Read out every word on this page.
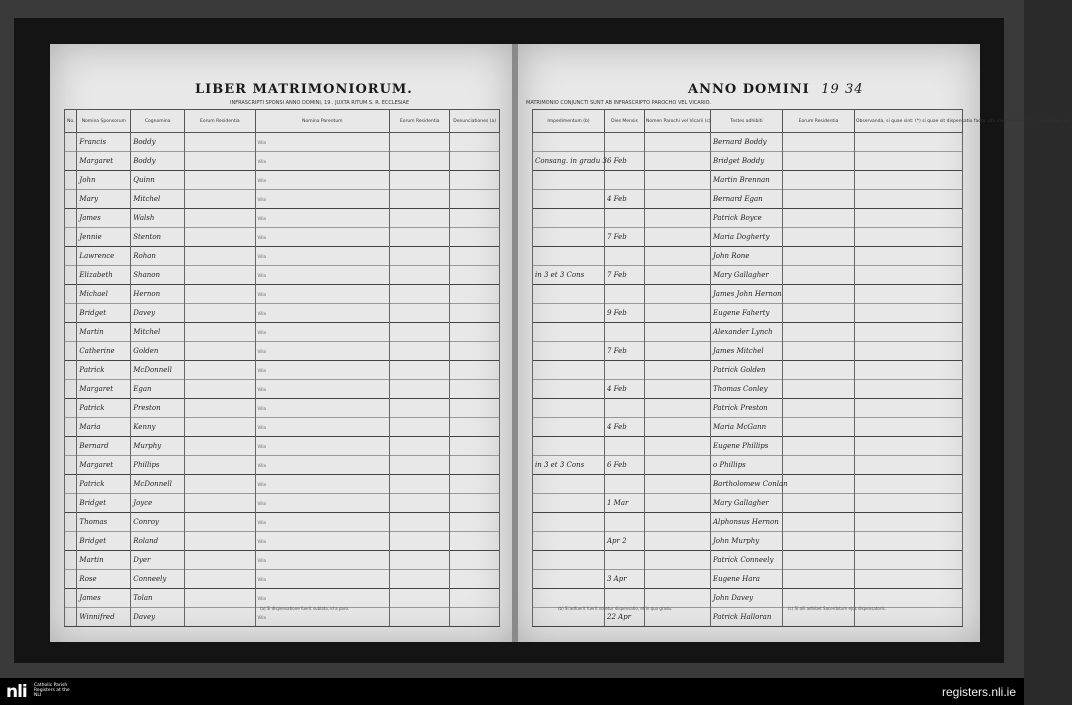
LIBER MATRIMONIORUM.
INFRASCRIPTI SPONSI ANNO DOMINI, 19 . JUXTA RITUM S. R. ECCLESIAE
No.	Nomina Sponsorum	Cognomina	Eorum Residentia	Nomina Parentum	Eorum Residentia	Denunciationes (a)
	Francis	Boddy		Villa		
	Margaret	Boddy		Villa		
	John	Quinn		Villa		
	Mary	Mitchel		Villa		
	James	Walsh		Villa		
	Jennie	Stenton		Villa		
	Lawrence	Rohan		Villa		
	Elizabeth	Shanon		Villa		
	Michael	Hernon		Villa		
	Bridget	Davey		Villa		
	Martin	Mitchel		Villa		
	Catherine	Golden		Villa		
	Patrick	McDonnell		Villa		
	Margaret	Egan		Villa		
	Patrick	Preston		Villa		
	Maria	Kenny		Villa		
	Bernard	Murphy		Villa		
	Margaret	Phillips		Villa		
	Patrick	McDonnell		Villa		
	Bridget	Joyce		Villa		
	Thomas	Conroy		Villa		
	Bridget	Roland		Villa		
	Martin	Dyer		Villa		
	Rose	Conneely		Villa		
	James	Tolan		Villa		
	Winnifred	Davey		Villa		
(a) Si dispensatione fuerit sublata, id a paro.
ANNO DOMINI 19 34
MATRIMONIO CONJUNCTI SUNT AB INFRASCRIPTO PAROCHO VEL VICARIO.
Impedimentum (b)	Dies Mensis	Nomen Parochi vel Vicarii (c)	Testes adhibiti	Eorum Residentia	Observanda, si quae sint: (*) si quae sit dispensatio facta, ubi matrimonium ceremoniaque, etc.
			Bernard Boddy		
Consang. in gradu 3	6 Feb		Bridget Boddy		
			Martin Brennan		
	4 Feb		Bernard Egan		
			Patrick Boyce		
	7 Feb		Maria Dogherty		
			John Rone		
in 3 et 3 Cons	7 Feb		Mary Gallagher		
			James John Hernon		
	9 Feb		Eugene Faherty		
			Alexander Lynch		
	7 Feb		James Mitchel		
			Patrick Golden		
	4 Feb		Thomas Conley		
			Patrick Preston		
	4 Feb		Maria McGann		
			Eugene Phillips		
in 3 et 3 Cons	6 Feb		o Phillips		
			Bartholomew Conlan		
	1 Mar		Mary Gallagher		
			Alphonsus Hernon		
	Apr 2		John Murphy		
			Patrick Conneely		
	3 Apr		Eugene Hara		
			John Davey		
	22 Apr		Patrick Halloran		
(b) Si adfuerit fuerit notetur dispensatio, et in quo gradu.	(c) Si alii adhibet Sacerdotum ejus dispensatoris.
nli Catholic Parish Registers at the NLI	registers.nli.ie
